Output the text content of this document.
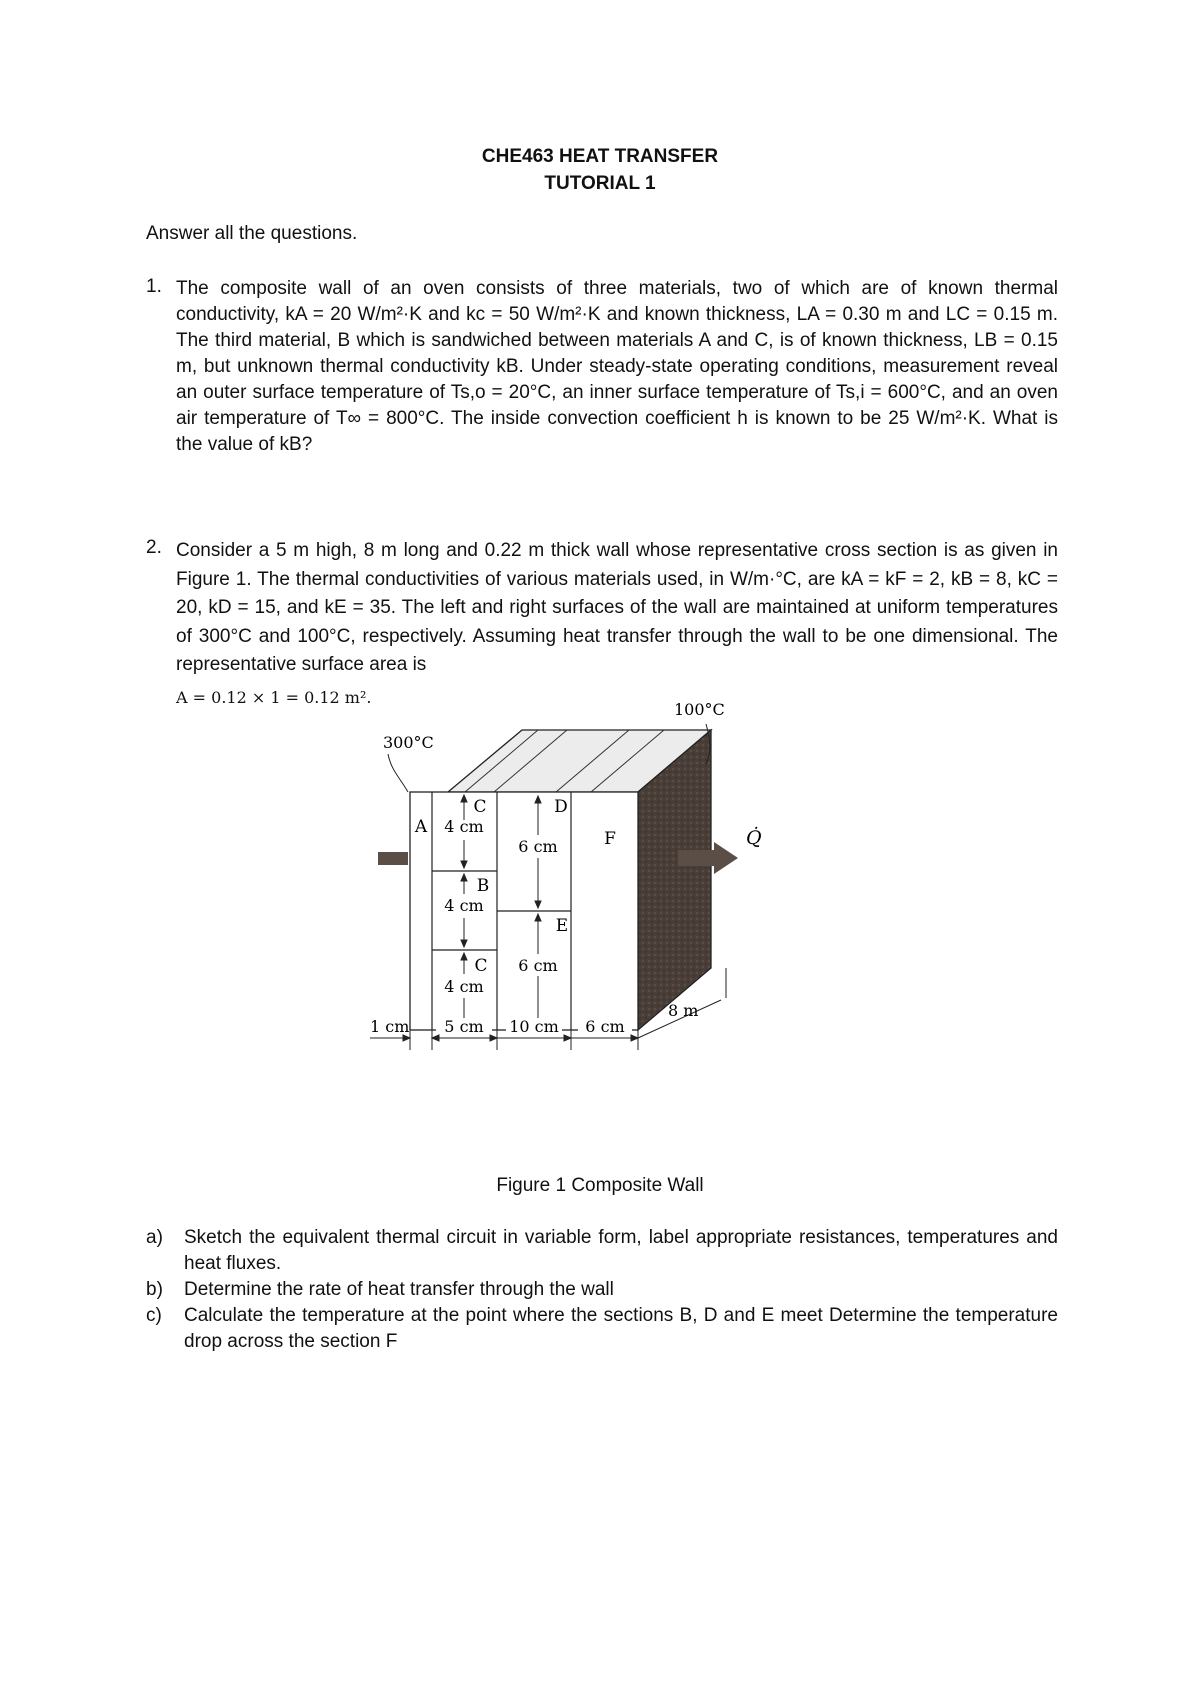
CHE463 HEAT TRANSFER
TUTORIAL 1
Answer all the questions.
1. The composite wall of an oven consists of three materials, two of which are of known thermal conductivity, kA = 20 W/m²·K and kc = 50 W/m²·K and known thickness, LA = 0.30 m and LC = 0.15 m. The third material, B which is sandwiched between materials A and C, is of known thickness, LB = 0.15 m, but unknown thermal conductivity kB. Under steady-state operating conditions, measurement reveal an outer surface temperature of Ts,o = 20°C, an inner surface temperature of Ts,i = 600°C, and an oven air temperature of T∞ = 800°C. The inside convection coefficient h is known to be 25 W/m²·K. What is the value of kB?
2. Consider a 5 m high, 8 m long and 0.22 m thick wall whose representative cross section is as given in Figure 1. The thermal conductivities of various materials used, in W/m·°C, are kA = kF = 2, kB = 8, kC = 20, kD = 15, and kE = 35. The left and right surfaces of the wall are maintained at uniform temperatures of 300°C and 100°C, respectively. Assuming heat transfer through the wall to be one dimensional. The representative surface area is
A = 0.12 × 1 = 0.12 m².
C
A 4 cm
D
6 cm	F
B
4 cm
E
C 6 cm
4 cm
300°C
100°C
Q̇
8 m
1 cm 5 cm 10 cm 6 cm
Figure 1 Composite Wall
a) Sketch the equivalent thermal circuit in variable form, label appropriate resistances, temperatures and heat fluxes.
b) Determine the rate of heat transfer through the wall
c) Calculate the temperature at the point where the sections B, D and E meet Determine the temperature drop across the section F
